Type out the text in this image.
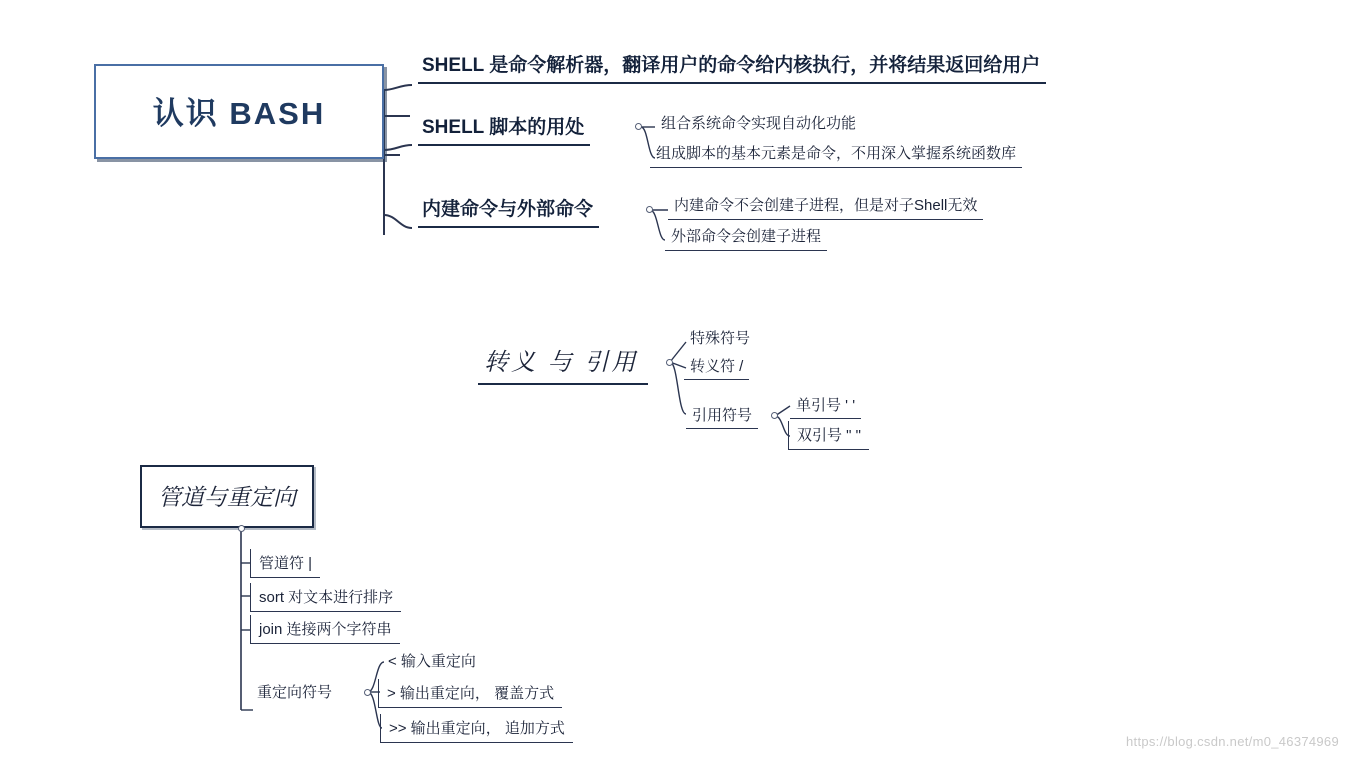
认识 BASH
SHELL 是命令解析器，翻译用户的命令给内核执行，并将结果返回给用户
SHELL 脚本的用处	组合系统命令实现自动化功能
组成脚本的基本元素是命令，不用深入掌握系统函数库
内建命令与外部命令	内建命令不会创建子进程，但是对子Shell无效
外部命令会创建子进程
转义 与 引用
特殊符号
转义符 /
引用符号
单引号 ' '
双引号 " "
管道与重定向
管道符 |
sort 对文本进行排序
join 连接两个字符串
重定向符号
< 输入重定向
> 输出重定向， 覆盖方式
>> 输出重定向， 追加方式
https://blog.csdn.net/m0_46374969
